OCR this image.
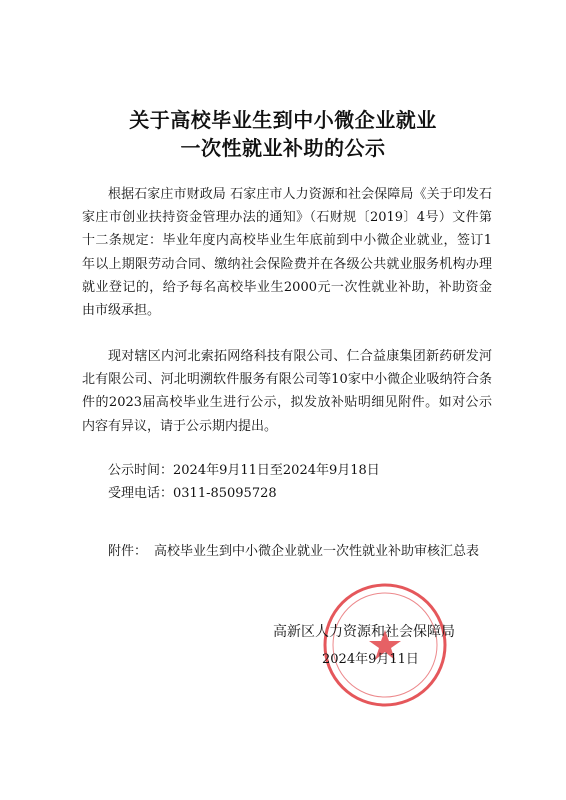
关于高校毕业生到中小微企业就业
一次性就业补助的公示
根据石家庄市财政局 石家庄市人力资源和社会保障局《关于印发石家庄市创业扶持资金管理办法的通知》（石财规〔2019〕4号）文件第十二条规定：毕业年度内高校毕业生年底前到中小微企业就业，签订1年以上期限劳动合同、缴纳社会保险费并在各级公共就业服务机构办理就业登记的，给予每名高校毕业生2000元一次性就业补助，补助资金由市级承担。
现对辖区内河北索拓网络科技有限公司、仁合益康集团新药研发河北有限公司、河北明溯软件服务有限公司等10家中小微企业吸纳符合条件的2023届高校毕业生进行公示，拟发放补贴明细见附件。如对公示内容有异议，请于公示期内提出。
公示时间：2024年9月11日至2024年9月18日
受理电话：0311-85095728
附件： 高校毕业生到中小微企业就业一次性就业补助审核汇总表
高新区人力资源和社会保障局
2024年9月11日
